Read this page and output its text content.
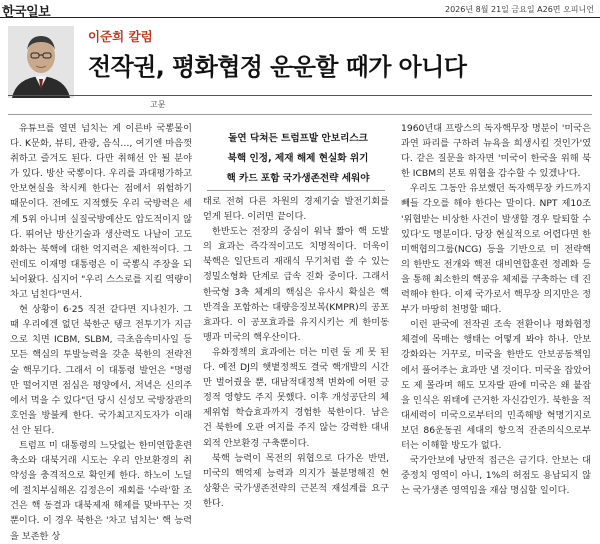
한국일보	2026년 8월 21일 금요일 A26면 오피니언
이준희 칼럼
전작권, 평화협정 운운할 때가 아니다
고문
돌연 닥쳐든 트럼프발 안보리스크
북핵 인정, 제재 해제 현실화 위기
핵 카드 포함 국가생존전략 세워야

유튜브를 열면 넘치는 게 이른바 국뽕물이다. K문화, 뷰티, 관광, 음식…, 여기엔 마음껏 취하고 즐겨도 된다. 다만 취해선 안 될 분야가 있다. 방산 국뽕이다. 우리를 과대평가하고 안보현실을 착시케 한다는 점에서 위험하기 때문이다. 전에도 지적했듯 우리 국방력은 세계 5위 아니며 실질국방예산도 압도적이지 않다. 뛰어난 방산기술과 생산력도 나날이 고도화하는 북핵에 대한 억지력은 제한적이다. 그런데도 이재명 대통령은 이 국뽕식 주장을 되뇌어왔다. 심지어 "우리 스스로를 지킬 역량이 차고 넘친다"면서.

현 상황이 6·25 직전 같다면 지나친가. 그때 우리에겐 없던 북한군 탱크 전투기가 지금으로 치면 ICBM, SLBM, 극초음속미사일 등 모든 핵심의 투발능력을 갖춘 북한의 전략전술 핵무기다. 그래서 이 대통령 발언은 "명령만 떨어지면 점심은 평양에서, 저녁은 신의주에서 먹을 수 있다"던 당시 신성모 국방장관의 호언을 방불케 한다. 국가최고지도자가 이래선 안 된다.

트럼프 미 대통령의 느닷없는 한미연합훈련 축소와 대북거래 시도는 우리 안보환경의 취약성을 충격적으로 확인케 한다. 하노이 노딜에 절치부심해온 김정은이 재회를 '수락'할 조건은 핵 동결과 대북제재 해제를 맞바꾸는 것뿐이다. 이 경우 북한은 '차고 넘치는' 핵 능력을 보존한 상

태로 전혀 다른 차원의 경제기술 발전기회를 얻게 된다. 이러면 끝이다.

한반도는 전장의 중심이 워낙 짧아 핵 도발의 효과는 즉각적이고도 치명적이다. 더욱이 북핵은 일단트리 재래식 무기처럼 쓸 수 있는 정밀소형화 단계로 급속 진화 중이다. 그래서 한국형 3축 체계의 핵심은 유사시 확실은 핵 반격을 포함하는 대량응징보복(KMPR)의 공포효과다. 이 공포효과를 유지시키는 게 한미동맹과 미국의 핵우산이다.

유화정책의 효과에는 더는 미련 둘 게 못 된다. 예전 DJ의 햇볕정책도 결국 핵개발의 시간만 벌어줬을 뿐, 대남적대정책 변화에 어떤 긍정적 영향도 주지 못했다. 이후 개성공단의 체제위험 학습효과까지 경험한 북한이다. 남은 건 북한에 오판 여지를 주지 않는 강력한 대내외적 안보환경 구축뿐이다.

북핵 능력이 목전의 위협으로 다가온 반면, 미국의 핵억제 능력과 의지가 불분명해진 현 상황은 국가생존전략의 근본적 재설계를 요구한다.

1960년대 프랑스의 독자핵무장 명분이 '미국은 과연 파리를 구하려 뉴욕을 희생시킬 것인가'였다. 같은 질문을 하자면 '미국이 한국을 위해 북한 ICBM의 본토 위협을 감수할 수 있겠나'다.

우리도 그동안 유보했던 독자핵무장 카드까지 빼들 각오를 해야 한다는 말이다. NPT 제10조 '위협받는 비상한 사건이 발생할 경우 탈퇴할 수 있다'도 명분이다. 당장 현실적으로 어렵다면 한미핵협의그룹(NCG) 등을 기반으로 미 전략핵의 한반도 전개와 핵전 대비연합훈련 정례화 등을 통해 최소한의 핵공유 체제를 구축하는 데 진력해야 한다. 이제 국가로서 핵무장 의지만은 정부가 마땅히 천명할 때다.

이런 판국에 전작권 조속 전환이나 평화협정 체결에 목매는 행태는 어떻게 봐야 하나. 안보 강화와는 거꾸로, 미국을 한반도 안보공동책임에서 풀어주는 효과만 낼 것이다. 미국을 잡았어도 제 몰라며 해도 모자랄 판에 미국은 왜 붙잡을 인식은 위태에 근거한 자신감인가. 북한을 적대세력이 미국으로부터의 민족해방 혁명기지로 보던 86운동권 세대의 항으적 잔존의식으로부터는 이해할 방도가 없다.

국가안보에 낭만적 접근은 금기다. 안보는 대중정치 영역이 아니, 1%의 허점도 용납되지 않는 국가생존 영역임을 재삼 명심할 일이다.
